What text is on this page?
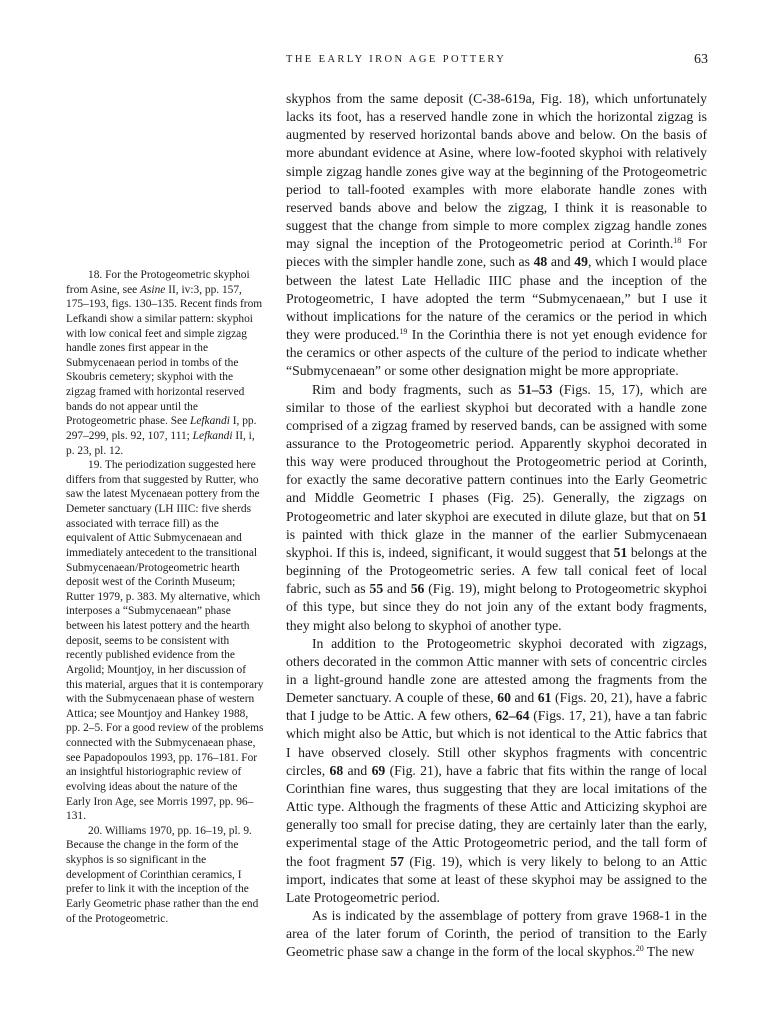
THE EARLY IRON AGE POTTERY	63

skyphos from the same deposit (C-38-619a, Fig. 18), which unfortunately lacks its foot, has a reserved handle zone in which the horizontal zigzag is augmented by reserved horizontal bands above and below. On the basis of more abundant evidence at Asine, where low-footed skyphoi with relatively simple zigzag handle zones give way at the beginning of the Protogeometric period to tall-footed examples with more elaborate handle zones with reserved bands above and below the zigzag, I think it is reasonable to suggest that the change from simple to more complex zigzag handle zones may signal the inception of the Protogeometric period at Corinth.$^{18}$ For pieces with the simpler handle zone, such as 48 and 49, which I would place between the latest Late Helladic IIIC phase and the inception of the Protogeometric, I have adopted the term “Submycenaean,” but I use it without implications for the nature of the ceramics or the period in which they were produced.$^{19}$ In the Corinthia there is not yet enough evidence for the ceramics or other aspects of the culture of the period to indicate whether “Submycenaean” or some other designation might be more appropriate.

Rim and body fragments, such as 51–53 (Figs. 15, 17), which are similar to those of the earliest skyphoi but decorated with a handle zone comprised of a zigzag framed by reserved bands, can be assigned with some assurance to the Protogeometric period. Apparently skyphoi decorated in this way were produced throughout the Protogeometric period at Corinth, for exactly the same decorative pattern continues into the Early Geometric and Middle Geometric I phases (Fig. 25). Generally, the zigzags on Protogeometric and later skyphoi are executed in dilute glaze, but that on 51 is painted with thick glaze in the manner of the earlier Submycenaean skyphoi. If this is, indeed, significant, it would suggest that 51 belongs at the beginning of the Protogeometric series. A few tall conical feet of local fabric, such as 55 and 56 (Fig. 19), might belong to Protogeometric skyphoi of this type, but since they do not join any of the extant body fragments, they might also belong to skyphoi of another type.

In addition to the Protogeometric skyphoi decorated with zigzags, others decorated in the common Attic manner with sets of concentric circles in a light-ground handle zone are attested among the fragments from the Demeter sanctuary. A couple of these, 60 and 61 (Figs. 20, 21), have a fabric that I judge to be Attic. A few others, 62–64 (Figs. 17, 21), have a tan fabric which might also be Attic, but which is not identical to the Attic fabrics that I have observed closely. Still other skyphos fragments with concentric circles, 68 and 69 (Fig. 21), have a fabric that fits within the range of local Corinthian fine wares, thus suggesting that they are local imitations of the Attic type. Although the fragments of these Attic and Atticizing skyphoi are generally too small for precise dating, they are certainly later than the early, experimental stage of the Attic Protogeometric period, and the tall form of the foot fragment 57 (Fig. 19), which is very likely to belong to an Attic import, indicates that some at least of these skyphoi may be assigned to the Late Protogeometric period.

As is indicated by the assemblage of pottery from grave 1968-1 in the area of the later forum of Corinth, the period of transition to the Early Geometric phase saw a change in the form of the local skyphos.$^{20}$ The new

18. For the Protogeometric skyphoi from Asine, see Asine II, iv:3, pp. 157, 175–193, figs. 130–135. Recent finds from Lefkandi show a similar pattern: skyphoi with low conical feet and simple zigzag handle zones first appear in the Submycenaean period in tombs of the Skoubris cemetery; skyphoi with the zigzag framed with horizontal reserved bands do not appear until the Protogeometric phase. See Lefkandi I, pp. 297–299, pls. 92, 107, 111; Lefkandi II, i, p. 23, pl. 12.

19. The periodization suggested here differs from that suggested by Rutter, who saw the latest Mycenaean pottery from the Demeter sanctuary (LH IIIC: five sherds associated with terrace fill) as the equivalent of Attic Submycenaean and immediately antecedent to the transitional Submycenaean/Protogeometric hearth deposit west of the Corinth Museum; Rutter 1979, p. 383. My alternative, which interposes a “Submycenaean” phase between his latest pottery and the hearth deposit, seems to be consistent with recently published evidence from the Argolid; Mountjoy, in her discussion of this material, argues that it is contemporary with the Submycenaean phase of western Attica; see Mountjoy and Hankey 1988, pp. 2–5. For a good review of the problems connected with the Submycenaean phase, see Papadopoulos 1993, pp. 176–181. For an insightful historiographic review of evolving ideas about the nature of the Early Iron Age, see Morris 1997, pp. 96–131.

20. Williams 1970, pp. 16–19, pl. 9. Because the change in the form of the skyphos is so significant in the development of Corinthian ceramics, I prefer to link it with the inception of the Early Geometric phase rather than the end of the Protogeometric.
